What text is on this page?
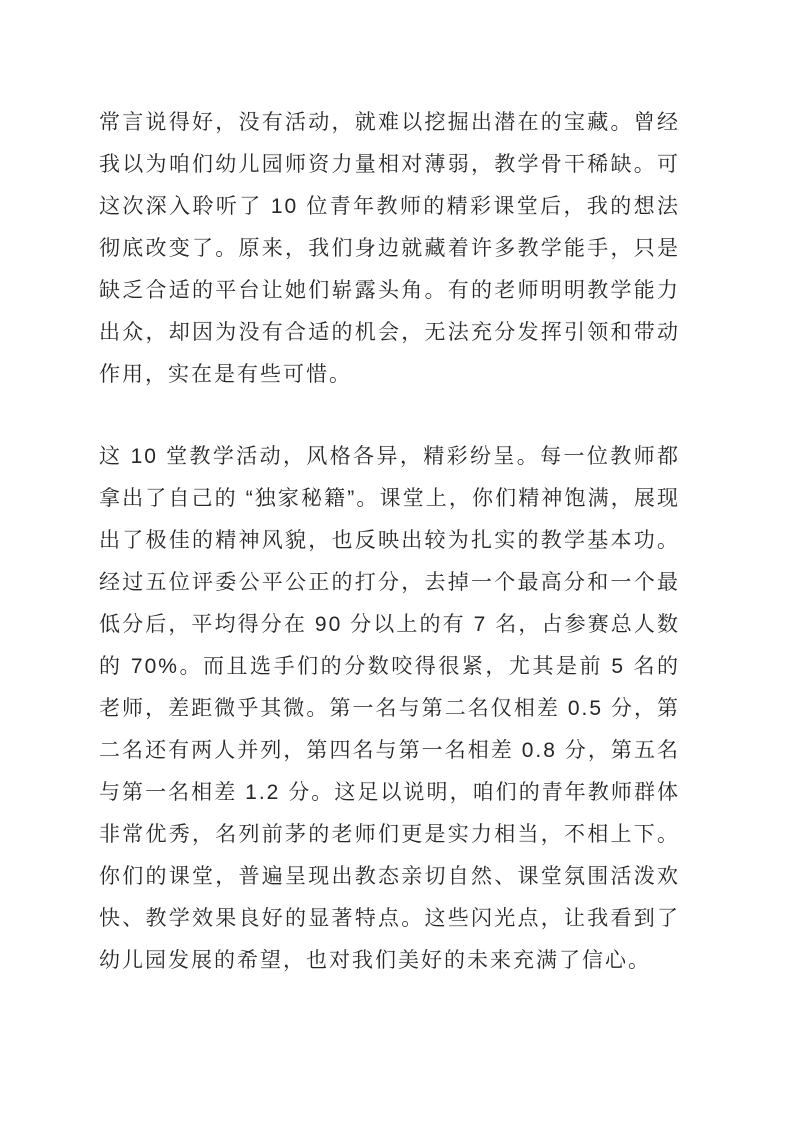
常言说得好，没有活动，就难以挖掘出潜在的宝藏。曾经我以为咱们幼儿园师资力量相对薄弱，教学骨干稀缺。可这次深入聆听了 10 位青年教师的精彩课堂后，我的想法彻底改变了。原来，我们身边就藏着许多教学能手，只是缺乏合适的平台让她们崭露头角。有的老师明明教学能力出众，却因为没有合适的机会，无法充分发挥引领和带动作用，实在是有些可惜。

这 10 堂教学活动，风格各异，精彩纷呈。每一位教师都拿出了自己的 “独家秘籍”。课堂上，你们精神饱满，展现出了极佳的精神风貌，也反映出较为扎实的教学基本功。经过五位评委公平公正的打分，去掉一个最高分和一个最低分后，平均得分在 90 分以上的有 7 名，占参赛总人数的 70%。而且选手们的分数咬得很紧，尤其是前 5 名的老师，差距微乎其微。第一名与第二名仅相差 0.5 分，第二名还有两人并列，第四名与第一名相差 0.8 分，第五名与第一名相差 1.2 分。这足以说明，咱们的青年教师群体非常优秀，名列前茅的老师们更是实力相当，不相上下。你们的课堂，普遍呈现出教态亲切自然、课堂氛围活泼欢快、教学效果良好的显著特点。这些闪光点，让我看到了幼儿园发展的希望，也对我们美好的未来充满了信心。
